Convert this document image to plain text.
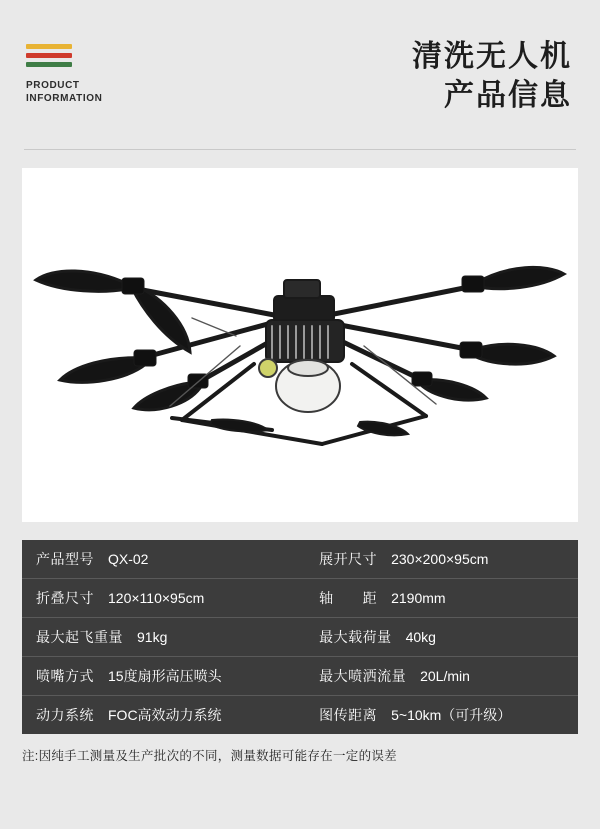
PRODUCT
INFORMATION
清洗无人机
产品信息
产品型号 QX-02	展开尺寸 230×200×95cm
折叠尺寸 120×110×95cm	轴　　距 2190mm
最大起飞重量 91kg	最大载荷量 40kg
喷嘴方式 15度扇形高压喷头	最大喷洒流量 20L/min
动力系统 FOC高效动力系统	图传距离 5~10km（可升级）
注:因纯手工测量及生产批次的不同，测量数据可能存在一定的误差
